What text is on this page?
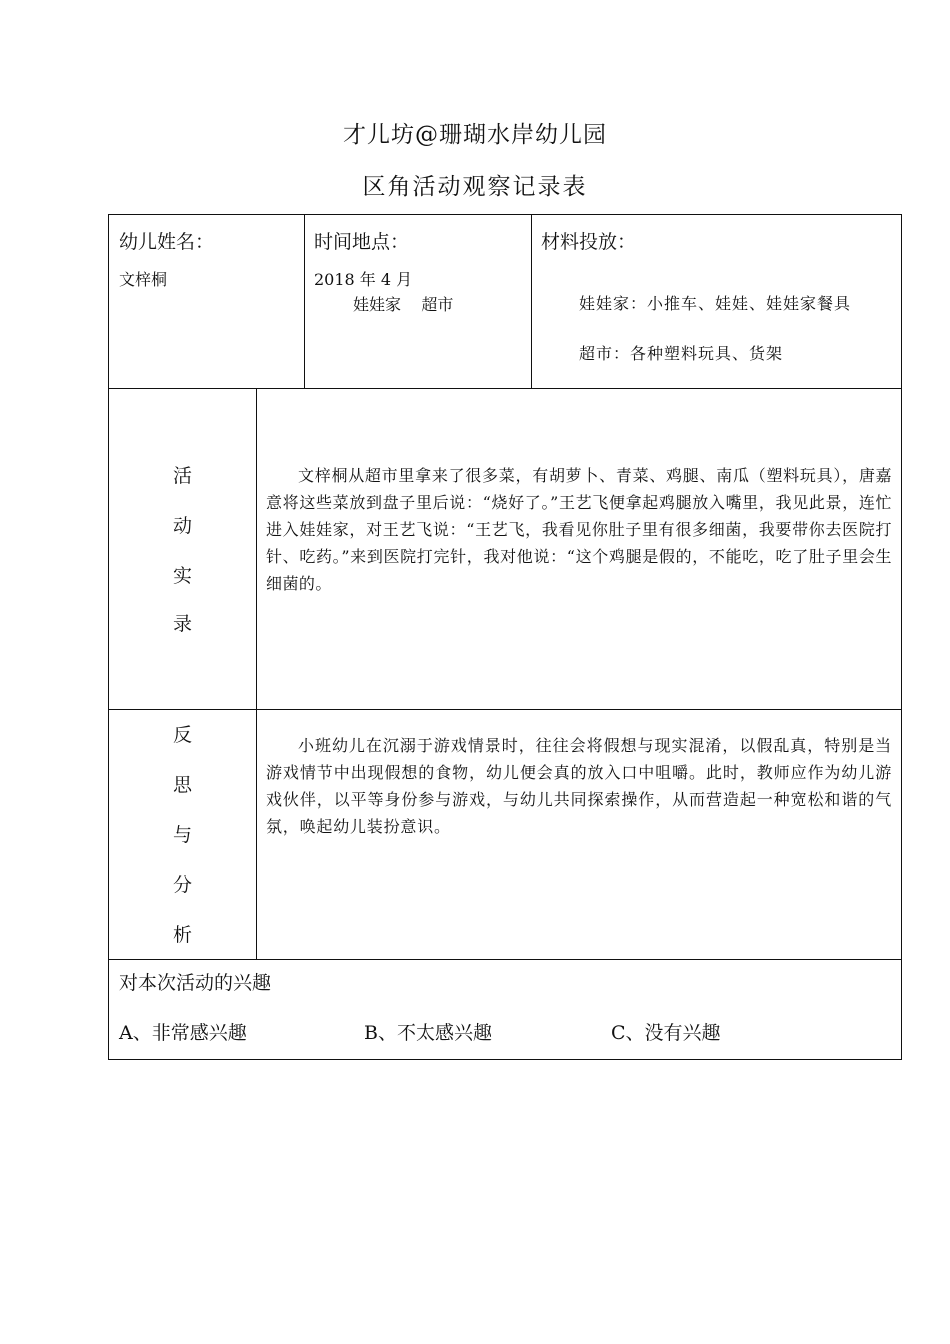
才儿坊@珊瑚水岸幼儿园
区角活动观察记录表
幼儿姓名：
文梓桐
时间地点：
2018 年 4 月
娃娃家    超市
材料投放：
娃娃家：小推车、娃娃、娃娃家餐具
超市：各种塑料玩具、货架
活
动
实
录
文梓桐从超市里拿来了很多菜，有胡萝卜、青菜、鸡腿、南瓜（塑料玩具），唐嘉意将这些菜放到盘子里后说：“烧好了。”王艺飞便拿起鸡腿放入嘴里，我见此景，连忙进入娃娃家，对王艺飞说：“王艺飞，我看见你肚子里有很多细菌，我要带你去医院打针、吃药。”来到医院打完针，我对他说：“这个鸡腿是假的，不能吃，吃了肚子里会生细菌的。
反
思
与
分
析
小班幼儿在沉溺于游戏情景时，往往会将假想与现实混淆，以假乱真，特别是当游戏情节中出现假想的食物，幼儿便会真的放入口中咀嚼。此时，教师应作为幼儿游戏伙伴，以平等身份参与游戏，与幼儿共同探索操作，从而营造起一种宽松和谐的气氛，唤起幼儿装扮意识。
对本次活动的兴趣
A、非常感兴趣	B、不太感兴趣	C、没有兴趣
